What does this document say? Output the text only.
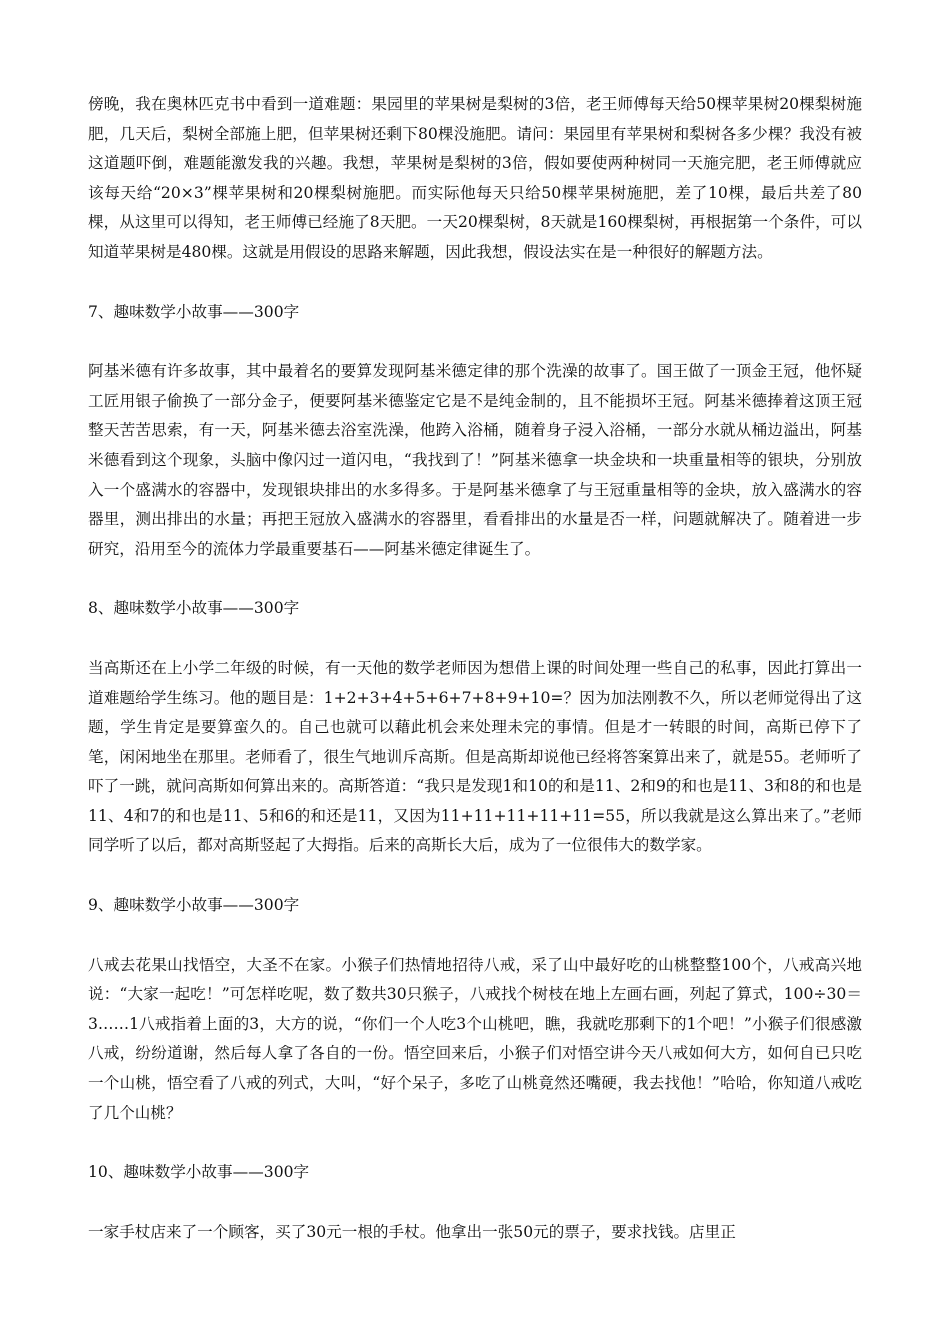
傍晚，我在奥林匹克书中看到一道难题：果园里的苹果树是梨树的3倍，老王师傅每天给50棵苹果树20棵梨树施肥，几天后，梨树全部施上肥，但苹果树还剩下80棵没施肥。请问：果园里有苹果树和梨树各多少棵？我没有被这道题吓倒，难题能激发我的兴趣。我想，苹果树是梨树的3倍，假如要使两种树同一天施完肥，老王师傅就应该每天给“20×3”棵苹果树和20棵梨树施肥。而实际他每天只给50棵苹果树施肥，差了10棵，最后共差了80棵，从这里可以得知，老王师傅已经施了8天肥。一天20棵梨树，8天就是160棵梨树，再根据第一个条件，可以知道苹果树是480棵。这就是用假设的思路来解题，因此我想，假设法实在是一种很好的解题方法。

7、趣味数学小故事——300字

阿基米德有许多故事，其中最着名的要算发现阿基米德定律的那个洗澡的故事了。国王做了一顶金王冠，他怀疑工匠用银子偷换了一部分金子，便要阿基米德鉴定它是不是纯金制的，且不能损坏王冠。阿基米德捧着这顶王冠整天苦苦思索，有一天，阿基米德去浴室洗澡，他跨入浴桶，随着身子浸入浴桶，一部分水就从桶边溢出，阿基米德看到这个现象，头脑中像闪过一道闪电，“我找到了！”阿基米德拿一块金块和一块重量相等的银块，分别放入一个盛满水的容器中，发现银块排出的水多得多。于是阿基米德拿了与王冠重量相等的金块，放入盛满水的容器里，测出排出的水量；再把王冠放入盛满水的容器里，看看排出的水量是否一样，问题就解决了。随着进一步研究，沿用至今的流体力学最重要基石——阿基米德定律诞生了。

8、趣味数学小故事——300字

当高斯还在上小学二年级的时候，有一天他的数学老师因为想借上课的时间处理一些自己的私事，因此打算出一道难题给学生练习。他的题目是：1+2+3+4+5+6+7+8+9+10=？因为加法刚教不久，所以老师觉得出了这题，学生肯定是要算蛮久的。自己也就可以藉此机会来处理未完的事情。但是才一转眼的时间，高斯已停下了笔，闲闲地坐在那里。老师看了，很生气地训斥高斯。但是高斯却说他已经将答案算出来了，就是55。老师听了吓了一跳，就问高斯如何算出来的。高斯答道：“我只是发现1和10的和是11、2和9的和也是11、3和8的和也是11、4和7的和也是11、5和6的和还是11，又因为11+11+11+11+11=55，所以我就是这么算出来了。”老师同学听了以后，都对高斯竖起了大拇指。后来的高斯长大后，成为了一位很伟大的数学家。

9、趣味数学小故事——300字

八戒去花果山找悟空，大圣不在家。小猴子们热情地招待八戒，采了山中最好吃的山桃整整100个，八戒高兴地说：“大家一起吃！”可怎样吃呢，数了数共30只猴子，八戒找个树枝在地上左画右画，列起了算式，100÷30＝3……1八戒指着上面的3，大方的说，“你们一个人吃3个山桃吧，瞧，我就吃那剩下的1个吧！”小猴子们很感激八戒，纷纷道谢，然后每人拿了各自的一份。悟空回来后，小猴子们对悟空讲今天八戒如何大方，如何自已只吃一个山桃，悟空看了八戒的列式，大叫，“好个呆子，多吃了山桃竟然还嘴硬，我去找他！”哈哈，你知道八戒吃了几个山桃？

10、趣味数学小故事——300字

一家手杖店来了一个顾客，买了30元一根的手杖。他拿出一张50元的票子，要求找钱。店里正
